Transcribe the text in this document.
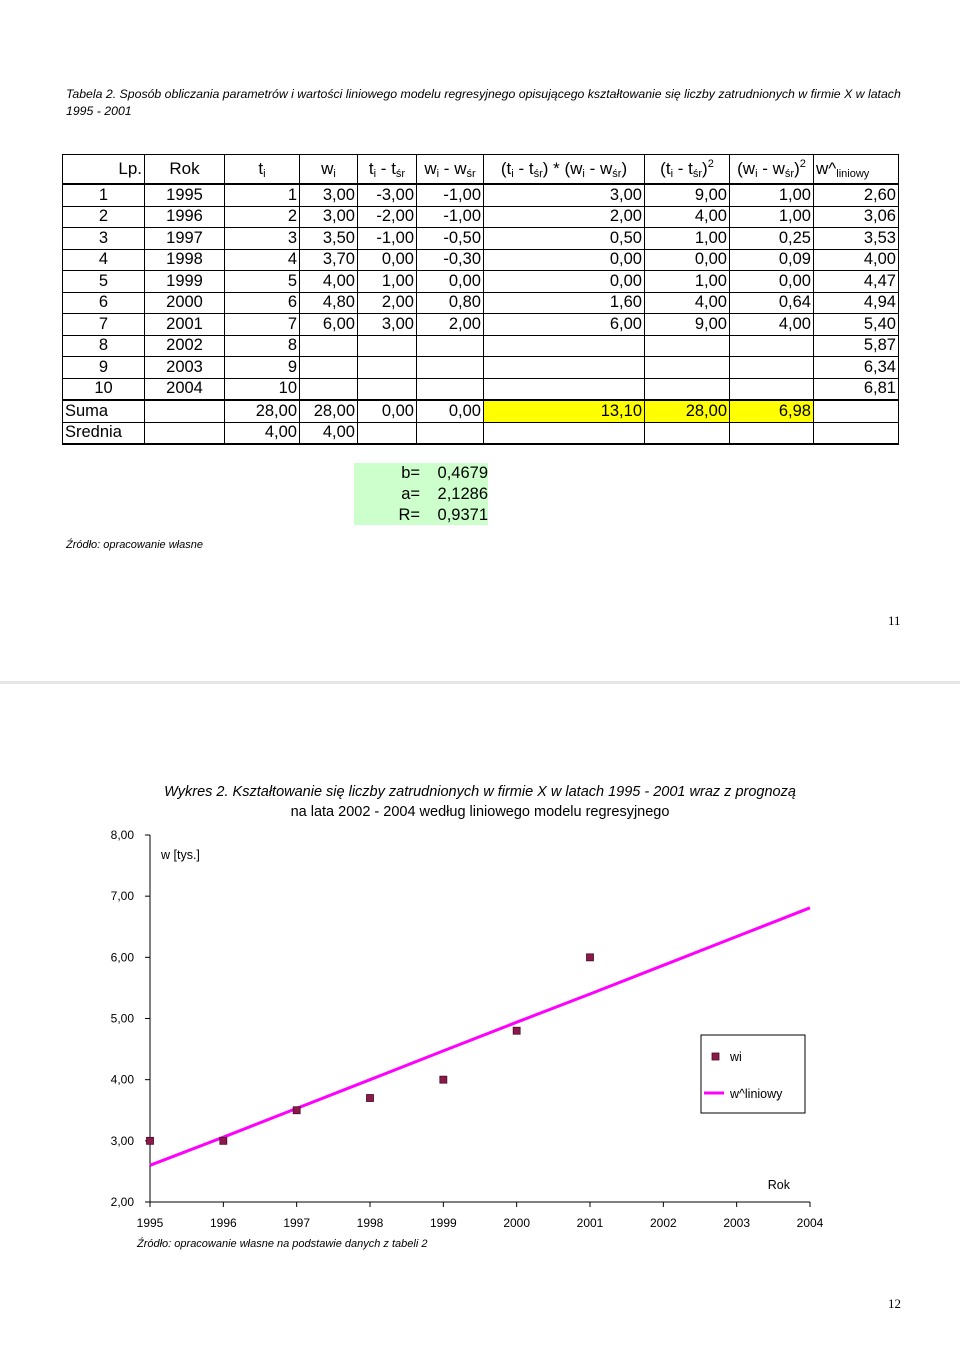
Tabela 2. Sposób obliczania parametrów i wartości liniowego modelu regresyjnego opisującego kształtowanie się liczby zatrudnionych w firmie X w latach 1995 - 2001
Lp.	Rok	$t_i$	$w_i$	$t_i - t_{śr}$	$w_i - w_{śr}$	$(t_i - t_{śr}) * (w_i - w_{śr})$	$(t_i - t_{śr})^2$	$(w_i - w_{śr})^2$	$w\^{}_{liniowy}$
1	1995	1	3,00	-3,00	-1,00	3,00	9,00	1,00	2,60
2	1996	2	3,00	-2,00	-1,00	2,00	4,00	1,00	3,06
3	1997	3	3,50	-1,00	-0,50	0,50	1,00	0,25	3,53
4	1998	4	3,70	0,00	-0,30	0,00	0,00	0,09	4,00
5	1999	5	4,00	1,00	0,00	0,00	1,00	0,00	4,47
6	2000	6	4,80	2,00	0,80	1,60	4,00	0,64	4,94
7	2001	7	6,00	3,00	2,00	6,00	9,00	4,00	5,40
8	2002	8							5,87
9	2003	9							6,34
10	2004	10							6,81
Suma		28,00	28,00	0,00	0,00	13,10	28,00	6,98	
Srednia		4,00	4,00						
b=	0,4679
a=	2,1286
R=	0,9371
Źródło: opracowanie własne
11
Wykres 2. Kształtowanie się liczby zatrudnionych w firmie X w latach 1995 - 2001 wraz z prognozą
na lata 2002 - 2004 według liniowego modelu regresyjnego
2,00
3,00
4,00
5,00
6,00
7,00
8,00
1995	1996	1997	1998	1999	2000	2001	2002	2003	2004
w [tys.]
Rok
wi
w^liniowy
Źródło: opracowanie własne na podstawie danych z tabeli 2
12
